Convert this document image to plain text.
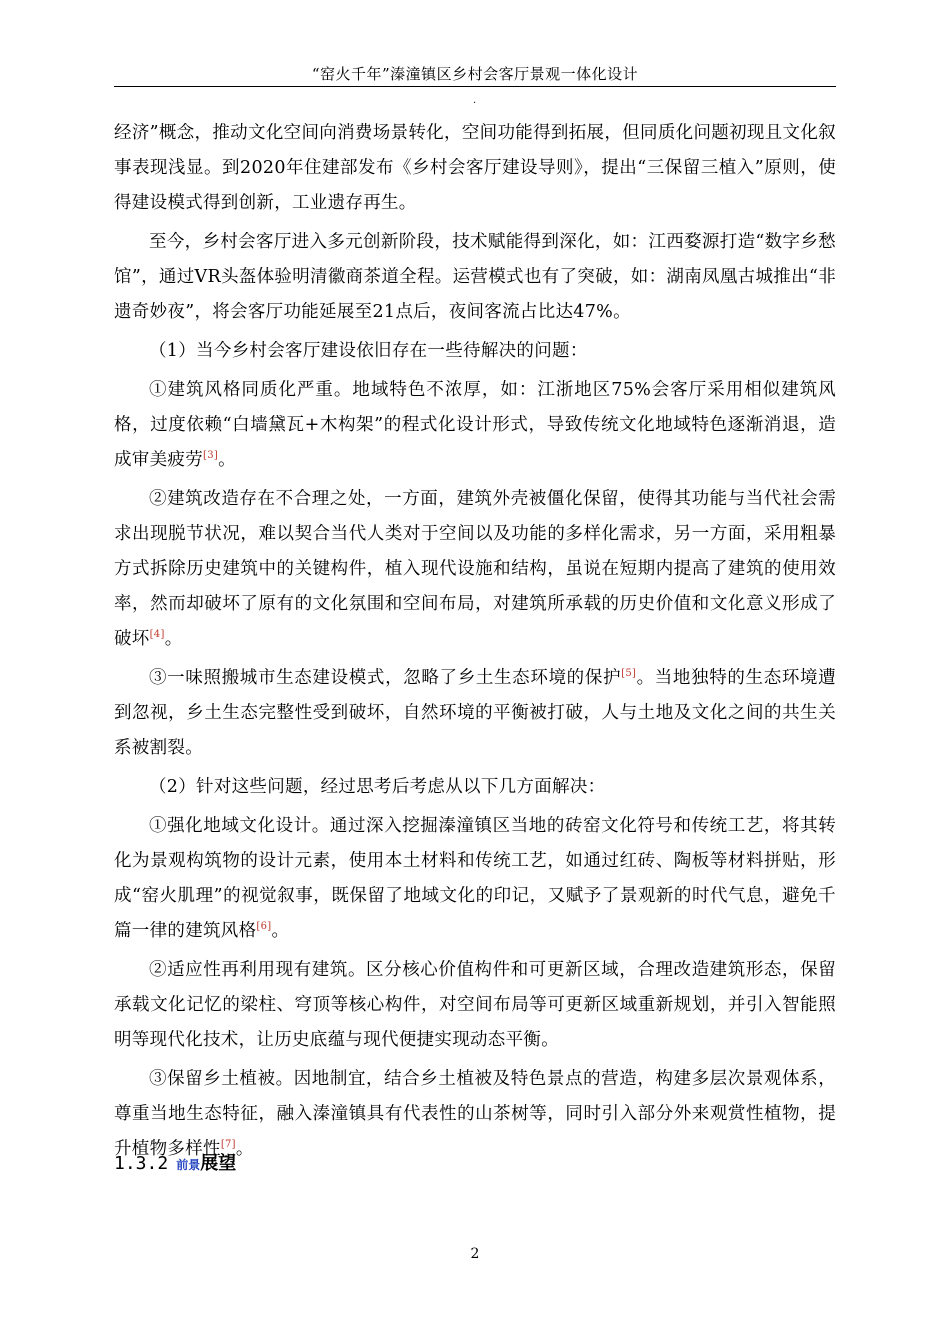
“窑火千年”溱潼镇区乡村会客厅景观一体化设计
.

经济”概念，推动文化空间向消费场景转化，空间功能得到拓展，但同质化问题初现且文化叙事表现浅显。到2020年住建部发布《乡村会客厅建设导则》，提出“三保留三植入”原则，使得建设模式得到创新，工业遗存再生。

至今，乡村会客厅进入多元创新阶段，技术赋能得到深化，如：江西婺源打造“数字乡愁馆”，通过VR头盔体验明清徽商茶道全程。运营模式也有了突破，如：湖南凤凰古城推出“非遗奇妙夜”，将会客厅功能延展至21点后，夜间客流占比达47%。

（1）当今乡村会客厅建设依旧存在一些待解决的问题：

①建筑风格同质化严重。地域特色不浓厚，如：江浙地区75%会客厅采用相似建筑风格，过度依赖“白墙黛瓦+木构架”的程式化设计形式，导致传统文化地域特色逐渐消退，造成审美疲劳[3]。

②建筑改造存在不合理之处，一方面，建筑外壳被僵化保留，使得其功能与当代社会需求出现脱节状况，难以契合当代人类对于空间以及功能的多样化需求，另一方面，采用粗暴方式拆除历史建筑中的关键构件，植入现代设施和结构，虽说在短期内提高了建筑的使用效率，然而却破坏了原有的文化氛围和空间布局，对建筑所承载的历史价值和文化意义形成了破坏[4]。

③一味照搬城市生态建设模式，忽略了乡土生态环境的保护[5]。当地独特的生态环境遭到忽视，乡土生态完整性受到破坏，自然环境的平衡被打破，人与土地及文化之间的共生关系被割裂。

（2）针对这些问题，经过思考后考虑从以下几方面解决：

①强化地域文化设计。通过深入挖掘溱潼镇区当地的砖窑文化符号和传统工艺，将其转化为景观构筑物的设计元素，使用本土材料和传统工艺，如通过红砖、陶板等材料拼贴，形成“窑火肌理”的视觉叙事，既保留了地域文化的印记，又赋予了景观新的时代气息，避免千篇一律的建筑风格[6]。

②适应性再利用现有建筑。区分核心价值构件和可更新区域，合理改造建筑形态，保留承载文化记忆的梁柱、穹顶等核心构件，对空间布局等可更新区域重新规划，并引入智能照明等现代化技术，让历史底蕴与现代便捷实现动态平衡。

③保留乡土植被。因地制宜，结合乡土植被及特色景点的营造，构建多层次景观体系，尊重当地生态特征，融入溱潼镇具有代表性的山茶树等，同时引入部分外来观赏性植物，提升植物多样性[7]。

1.3.2 前景展望
2
